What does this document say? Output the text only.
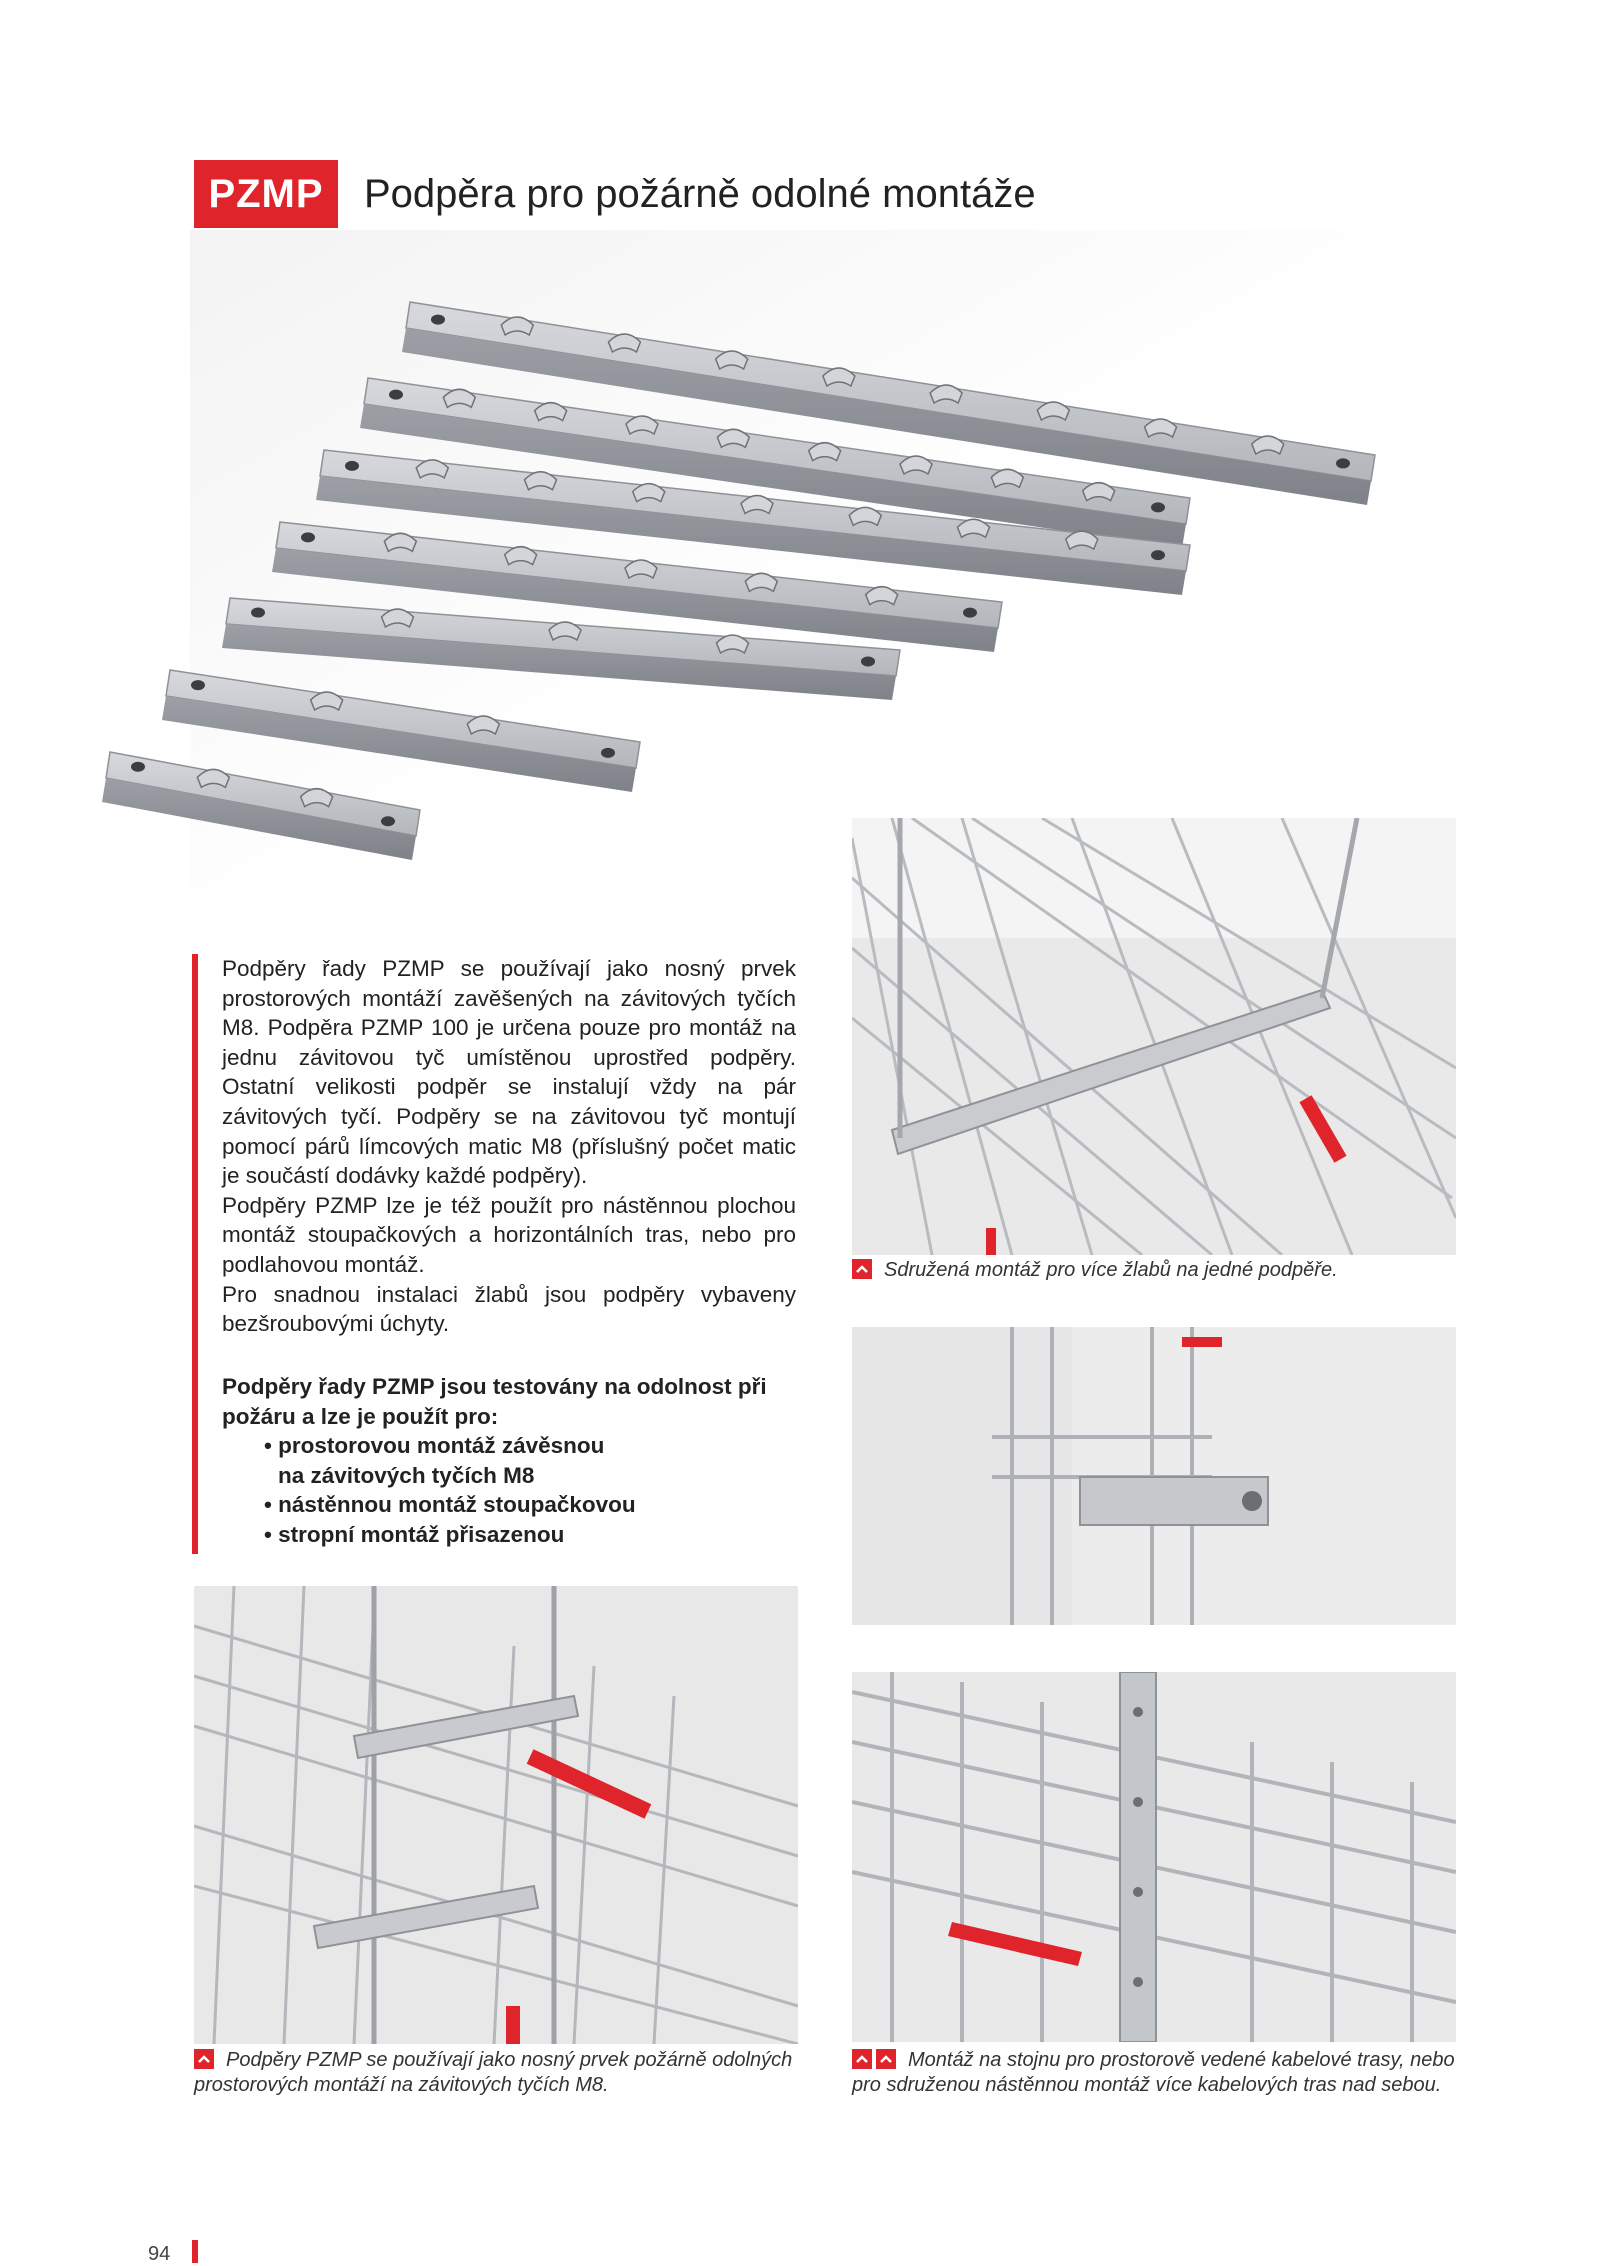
PZMP	Podpěra pro požárně odolné montáže

Podpěry řady PZMP se používají jako nosný prvek prostorových montáží zavěšených na závitových tyčích M8. Podpěra PZMP 100 je určena pouze pro montáž na jednu závitovou tyč umístěnou uprostřed podpěry. Ostatní velikosti podpěr se instalují vždy na pár závitových tyčí. Podpěry se na závitovou tyč montují pomocí párů límcových matic M8 (příslušný počet matic je součástí dodávky každé podpěry).

Podpěry PZMP lze je též použít pro nástěnnou plochou montáž stoupačkových a horizontálních tras, nebo pro podlahovou montáž.

Pro snadnou instalaci žlabů jsou podpěry vybaveny bezšroubovými úchyty.

Podpěry řady PZMP jsou testovány na odolnost při požáru a lze je použít pro:
• prostorovou montáž závěsnou
na závitových tyčích M8
• nástěnnou montáž stoupačkovou
• stropní montáž přisazenou
Sdružená montáž pro více žlabů na jedné podpěře.
Podpěry PZMP se používají jako nosný prvek požárně odolných prostorových montáží na závitových tyčích M8.
Montáž na stojnu pro prostorově vedené kabelové trasy, nebo pro sdruženou nástěnnou montáž více kabelových tras nad sebou.
94
